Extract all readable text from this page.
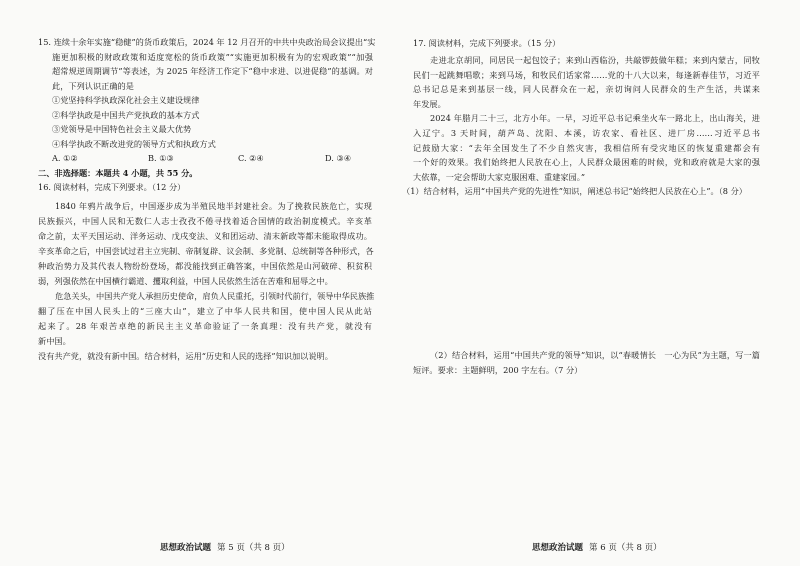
15. 连续十余年实施“稳健”的货币政策后，2024 年 12 月召开的中共中央政治局会议提出“实
施更加积极的财政政策和适度宽松的货币政策”“实施更加积极有为的宏观政策”“加强
超常规逆周期调节”等表述，为 2025 年经济工作定下“稳中求进、以进促稳”的基调。对
此，下列认识正确的是
①党坚持科学执政深化社会主义建设规律
②科学执政是中国共产党执政的基本方式
③党领导是中国特色社会主义最大优势
④科学执政不断改进党的领导方式和执政方式
A. ①②	B. ①③	C. ②④	D. ③④
二、非选择题：本题共 4 小题，共 55 分。
16. 阅读材料，完成下列要求。（12 分）
1840 年鸦片战争后，中国逐步成为半殖民地半封建社会。为了挽救民族危亡，实现
民族振兴，中国人民和无数仁人志士孜孜不倦寻找着适合国情的政治制度模式。辛亥革
命之前，太平天国运动、洋务运动、戊戌变法、义和团运动、清末新政等都未能取得成功。
辛亥革命之后，中国尝试过君主立宪制、帝制复辟、议会制、多党制、总统制等各种形式，各
种政治势力及其代表人物纷纷登场，都没能找到正确答案，中国依然是山河破碎、积贫积
弱，列强依然在中国横行霸道、攫取利益，中国人民依然生活在苦难和屈辱之中。
危急关头，中国共产党人承担历史使命，肩负人民重托，引领时代前行，领导中华民族推
翻了压在中国人民头上的“三座大山”，建立了中华人民共和国，使中国人民从此站
起来了。28 年艰苦卓绝的新民主主义革命验证了一条真理：没有共产党，就没有
新中国。
没有共产党，就没有新中国。结合材料，运用“历史和人民的选择”知识加以说明。
思想政治试题 第 5 页（共 8 页）
17. 阅读材料，完成下列要求。（15 分）
走进北京胡同，同居民一起包饺子；来到山西临汾，共敲锣鼓做年糕；来到内蒙古，同牧
民们一起跳舞唱歌；来到马场，和牧民们话家常……党的十八大以来，每逢新春佳节，习近平
总书记总是来到基层一线，同人民群众在一起，亲切询问人民群众的生产生活，共谋来
年发展。
2024 年腊月二十三，北方小年。一早，习近平总书记乘坐火车一路北上，出山海关，进
入辽宁。3 天时间，葫芦岛、沈阳、本溪，访农家、看社区、进厂房……习近平总书
记鼓励大家：“去年全国发生了不少自然灾害，我相信所有受灾地区的恢复重建都会有
一个好的效果。我们始终把人民放在心上，人民群众最困难的时候，党和政府就是大家的强
大依靠，一定会帮助大家克服困难、重建家园。”
（1）结合材料，运用“中国共产党的先进性”知识，阐述总书记“始终把人民放在心上”。（8 分）
（2）结合材料，运用“中国共产党的领导”知识，以“春暖情长　一心为民”为主题，写一篇
短评。要求：主题鲜明，200 字左右。（7 分）
思想政治试题 第 6 页（共 8 页）
